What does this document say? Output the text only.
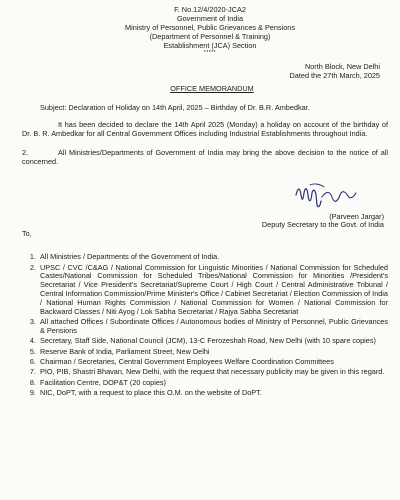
F. No.12/4/2020-JCA2
Government of India
Ministry of Personnel, Public Grievances & Pensions
(Department of Personnel & Training)
Establishment (JCA) Section
*****
North Block, New Delhi
Dated the 27th March, 2025
OFFICE MEMORANDUM
Subject: Declaration of Holiday on 14th April, 2025 – Birthday of Dr. B.R. Ambedkar.
It has been decided to declare the 14th April 2025 (Monday) a holiday on account of the birthday of Dr. B. R. Ambedkar for all Central Government Offices including Industrial Establishments throughout India.
2.	All Ministries/Departments of Government of India may bring the above decision to the notice of all concerned.
(Parveen Jargar)
Deputy Secretary to the Govt. of India
To,
1. All Ministries / Departments of the Government of India.
2. UPSC / CVC /C&AG / National Commission for Linguistic Minorities / National Commission for Scheduled Castes/National Commission for Scheduled Tribes/National Commission for Minorities /President's Secretariat / Vice President's Secretariat/Supreme Court / High Court / Central Administrative Tribunal / Central Information Commission/Prime Minister's Office / Cabinet Secretariat / Election Commission of India / National Human Rights Commission / National Commission for Women / National Commission for Backward Classes / Niti Ayog / Lok Sabha Secretariat / Rajya Sabha Secretariat
3. All attached Offices / Subordinate Offices / Autonomous bodies of Ministry of Personnel, Public Grievances & Pensions
4. Secretary, Staff Side, National Council (JCM), 13-C Ferozeshah Road, New Delhi (with 10 spare copies)
5. Reserve Bank of India, Parliament Street, New Delhi
6. Chairman / Secretaries, Central Government Employees Welfare Coordination Committees
7. PIO, PIB, Shastri Bhavan, New Delhi, with the request that necessary publicity may be given in this regard.
8. Facilitation Centre, DOP&T (20 copies)
9. NIC, DoPT, with a request to place this O.M. on the website of DoPT.
